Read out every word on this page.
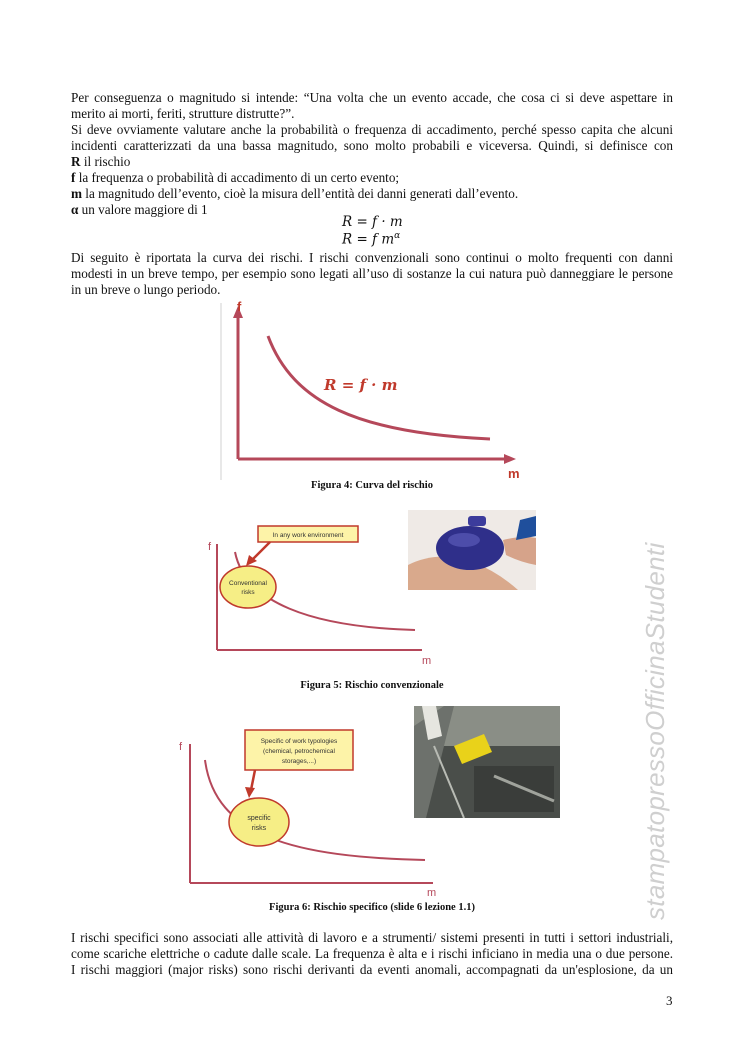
Per conseguenza o magnitudo si intende: “Una volta che un evento accade, che cosa ci si deve aspettare in
merito ai morti, feriti, strutture distrutte?”.
Si deve ovviamente valutare anche la probabilità o frequenza di accadimento, perché spesso capita che alcuni
incidenti caratterizzati da una bassa magnitudo, sono molto probabili e viceversa. Quindi, si definisce con
R il rischio
f la frequenza o probabilità di accadimento di un certo evento;
m la magnitudo dell’evento, cioè la misura dell’entità dei danni generati dall’evento.
α un valore maggiore di 1
R = f · m
R = f $m^\alpha$
Di seguito è riportata la curva dei rischi. I rischi convenzionali sono continui o molto frequenti con danni
modesti in un breve tempo, per esempio sono legati all’uso di sostanze la cui natura può danneggiare le persone
in un breve o lungo periodo.
f
m
R = f · m
Figura 4: Curva del rischio
f
m
In any work environment
Conventional
risks
Figura 5: Rischio convenzionale
f
m
Specific of work typologies
(chemical, petrochemical
storages,...)
specific
risks
Figura 6: Rischio specifico (slide 6 lezione 1.1)
I rischi specifici sono associati alle attività di lavoro e a strumenti/ sistemi presenti in tutti i settori industriali,
come scariche elettriche o cadute dalle scale. La frequenza è alta e i rischi inficiano in media una o due persone.
I rischi maggiori (major risks) sono rischi derivanti da eventi anomali, accompagnati da un'esplosione, da un
stampatopressoOfficinaStudenti
3
